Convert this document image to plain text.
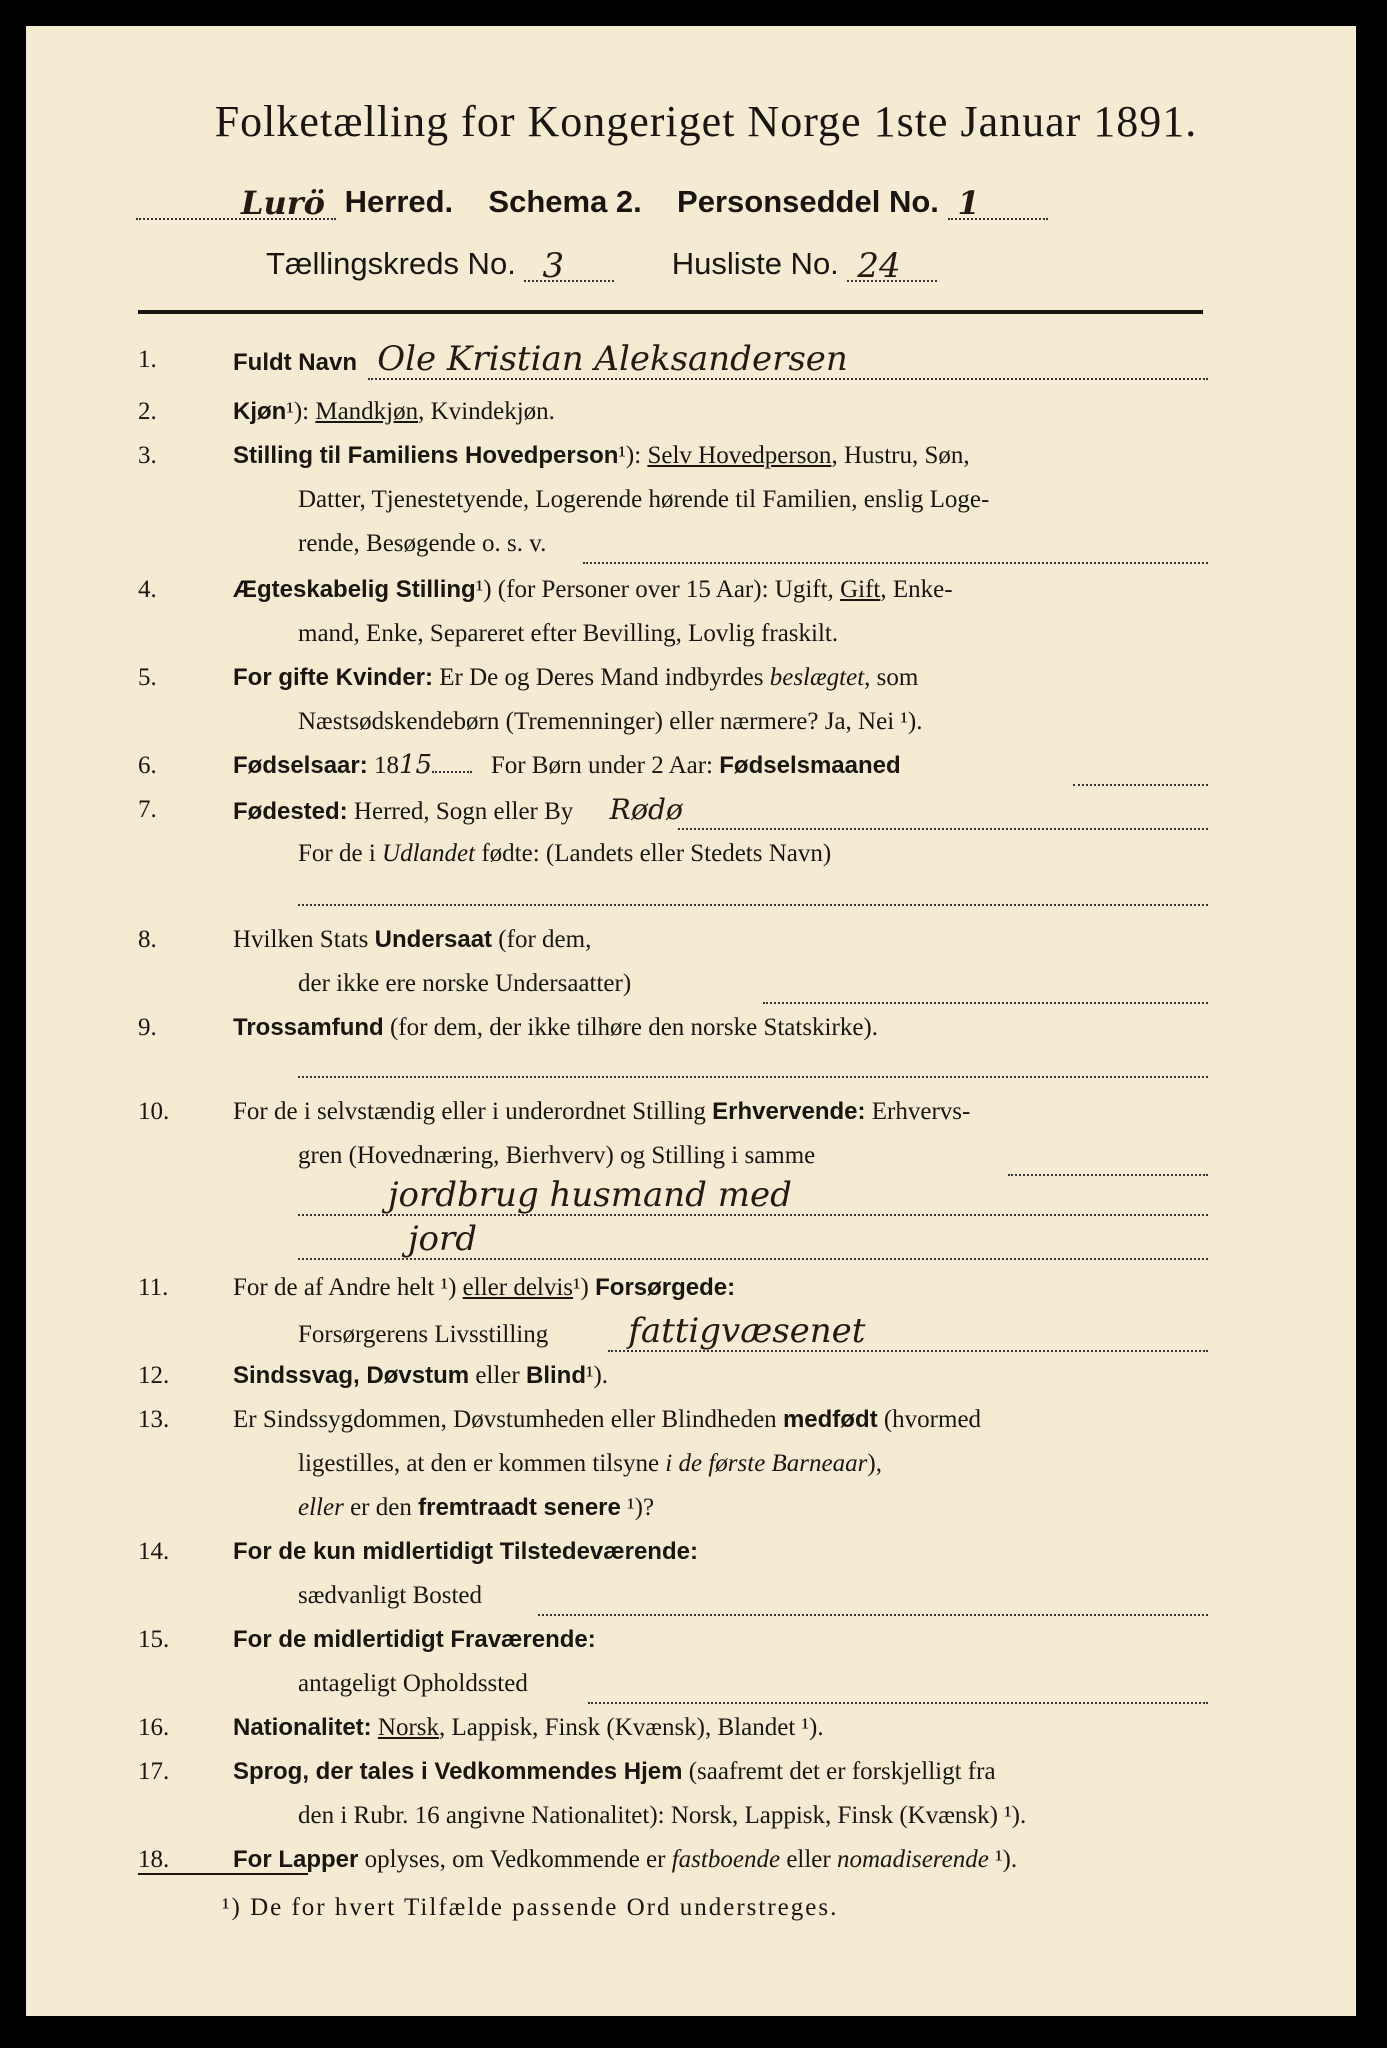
Folketælling for Kongeriget Norge 1ste Januar 1891.
Lurö Herred. Schema 2. Personseddel No. 1
Tællingskreds No. 3	Husliste No. 24
1.	Fuldt Navn Ole Kristian Aleksandersen
2.	Kjøn¹): Mandkjøn, Kvindekjøn.
3.	Stilling til Familiens Hovedperson¹): Selv Hovedperson, Hustru, Søn,
Datter, Tjenestetyende, Logerende hørende til Familien, enslig Loge-
rende, Besøgende o. s. v.
4.	Ægteskabelig Stilling¹) (for Personer over 15 Aar): Ugift, Gift, Enke-
mand, Enke, Separeret efter Bevilling, Lovlig fraskilt.
5.	For gifte Kvinder: Er De og Deres Mand indbyrdes beslægtet, som
Næstsødskendebørn (Tremenninger) eller nærmere? Ja, Nei ¹).
6.	Fødselsaar: 1815 For Børn under 2 Aar: Fødselsmaaned
7.	Fødested: Herred, Sogn eller By Rødø
For de i Udlandet fødte: (Landets eller Stedets Navn)
8.	Hvilken Stats Undersaat (for dem,
der ikke ere norske Undersaatter)
9.	Trossamfund (for dem, der ikke tilhøre den norske Statskirke).
10.	For de i selvstændig eller i underordnet Stilling Erhvervende: Erhvervs-
gren (Hovednæring, Bierhverv) og Stilling i samme
jordbrug husmand med
jord
11.	For de af Andre helt ¹) eller delvis¹) Forsørgede:
Forsørgerens Livsstilling fattigvæsenet
12.	Sindssvag, Døvstum eller Blind¹).
13.	Er Sindssygdommen, Døvstumheden eller Blindheden medfødt (hvormed
ligestilles, at den er kommen tilsyne i de første Barneaar),
eller er den fremtraadt senere ¹)?
14.	For de kun midlertidigt Tilstedeværende:
sædvanligt Bosted
15.	For de midlertidigt Fraværende:
antageligt Opholdssted
16.	Nationalitet: Norsk, Lappisk, Finsk (Kvænsk), Blandet ¹).
17.	Sprog, der tales i Vedkommendes Hjem (saafremt det er forskjelligt fra
den i Rubr. 16 angivne Nationalitet): Norsk, Lappisk, Finsk (Kvænsk) ¹).
18.	For Lapper oplyses, om Vedkommende er fastboende eller nomadiserende ¹).
¹) De for hvert Tilfælde passende Ord understreges.
